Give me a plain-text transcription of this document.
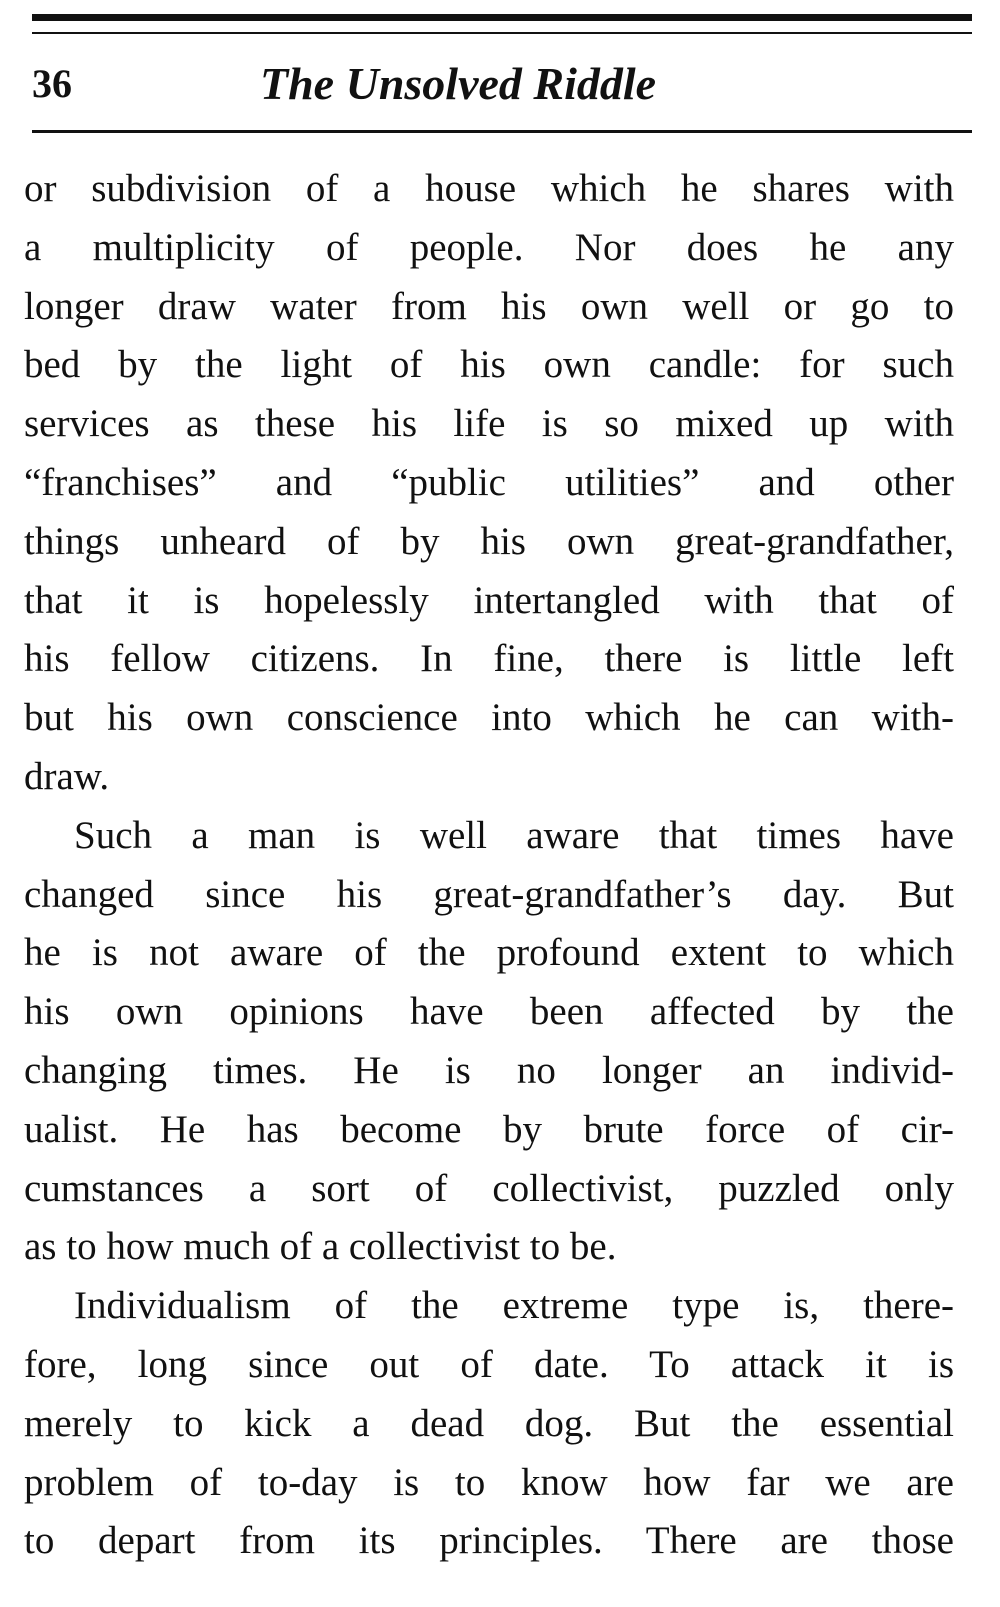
36	The Unsolved Riddle
or subdivision of a house which he shares with
a multiplicity of people. Nor does he any
longer draw water from his own well or go to
bed by the light of his own candle: for such
services as these his life is so mixed up with
“franchises” and “public utilities” and other
things unheard of by his own great-grandfather,
that it is hopelessly intertangled with that of
his fellow citizens. In fine, there is little left
but his own conscience into which he can with-
draw.
Such a man is well aware that times have
changed since his great-grandfather’s day. But
he is not aware of the profound extent to which
his own opinions have been affected by the
changing times. He is no longer an individ-
ualist. He has become by brute force of cir-
cumstances a sort of collectivist, puzzled only
as to how much of a collectivist to be.
Individualism of the extreme type is, there-
fore, long since out of date. To attack it is
merely to kick a dead dog. But the essential
problem of to-day is to know how far we are
to depart from its principles. There are those
